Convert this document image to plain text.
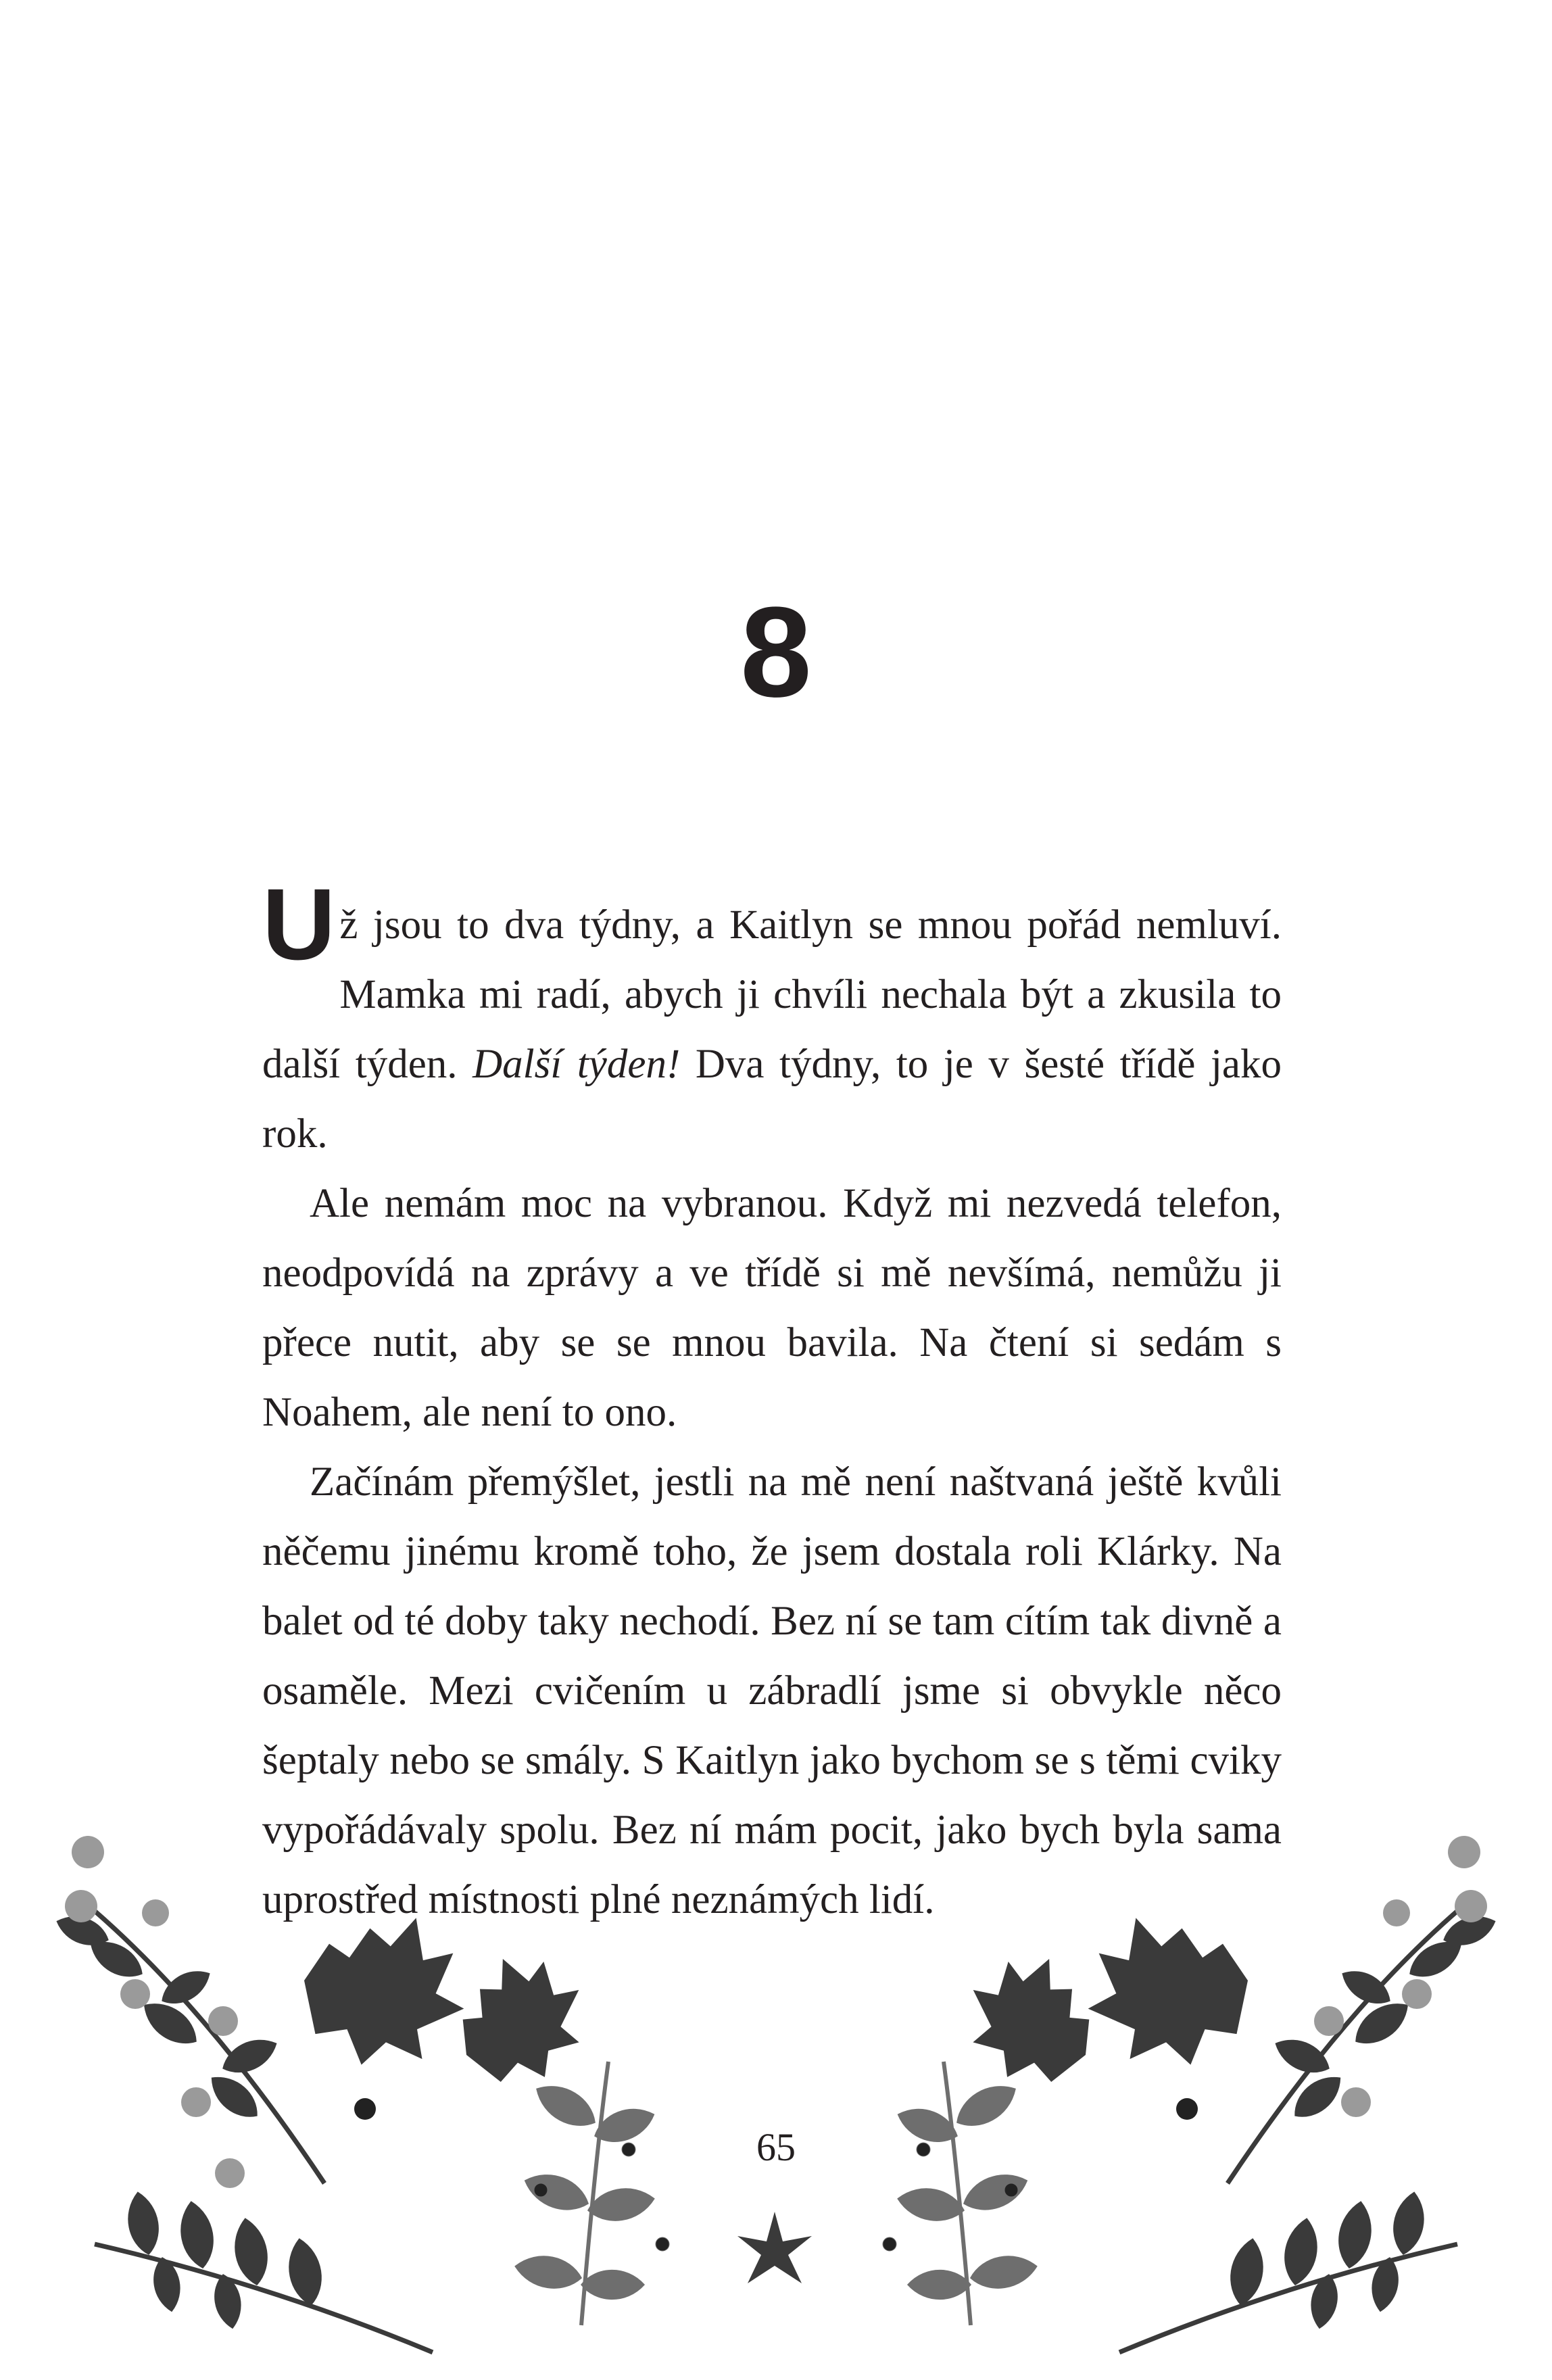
8

Už jsou to dva týdny, a Kaitlyn se mnou pořád nemluví. Mamka mi radí, abych ji chvíli nechala být a zkusila to další týden. Další týden! Dva týdny, to je v šesté třídě jako rok.

Ale nemám moc na vybranou. Když mi nezvedá telefon, neodpovídá na zprávy a ve třídě si mě nevšímá, nemůžu ji přece nutit, aby se se mnou bavila. Na čtení si sedám s Noahem, ale není to ono.

Začínám přemýšlet, jestli na mě není naštvaná ještě kvůli něčemu jinému kromě toho, že jsem dostala roli Klárky. Na balet od té doby taky nechodí. Bez ní se tam cítím tak divně a osaměle. Mezi cvičením u zábradlí jsme si obvykle něco šeptaly nebo se smály. S Kaitlyn jako bychom se s těmi cviky vypořádávaly spolu. Bez ní mám pocit, jako bych byla sama uprostřed místnosti plné neznámých lidí.

65
